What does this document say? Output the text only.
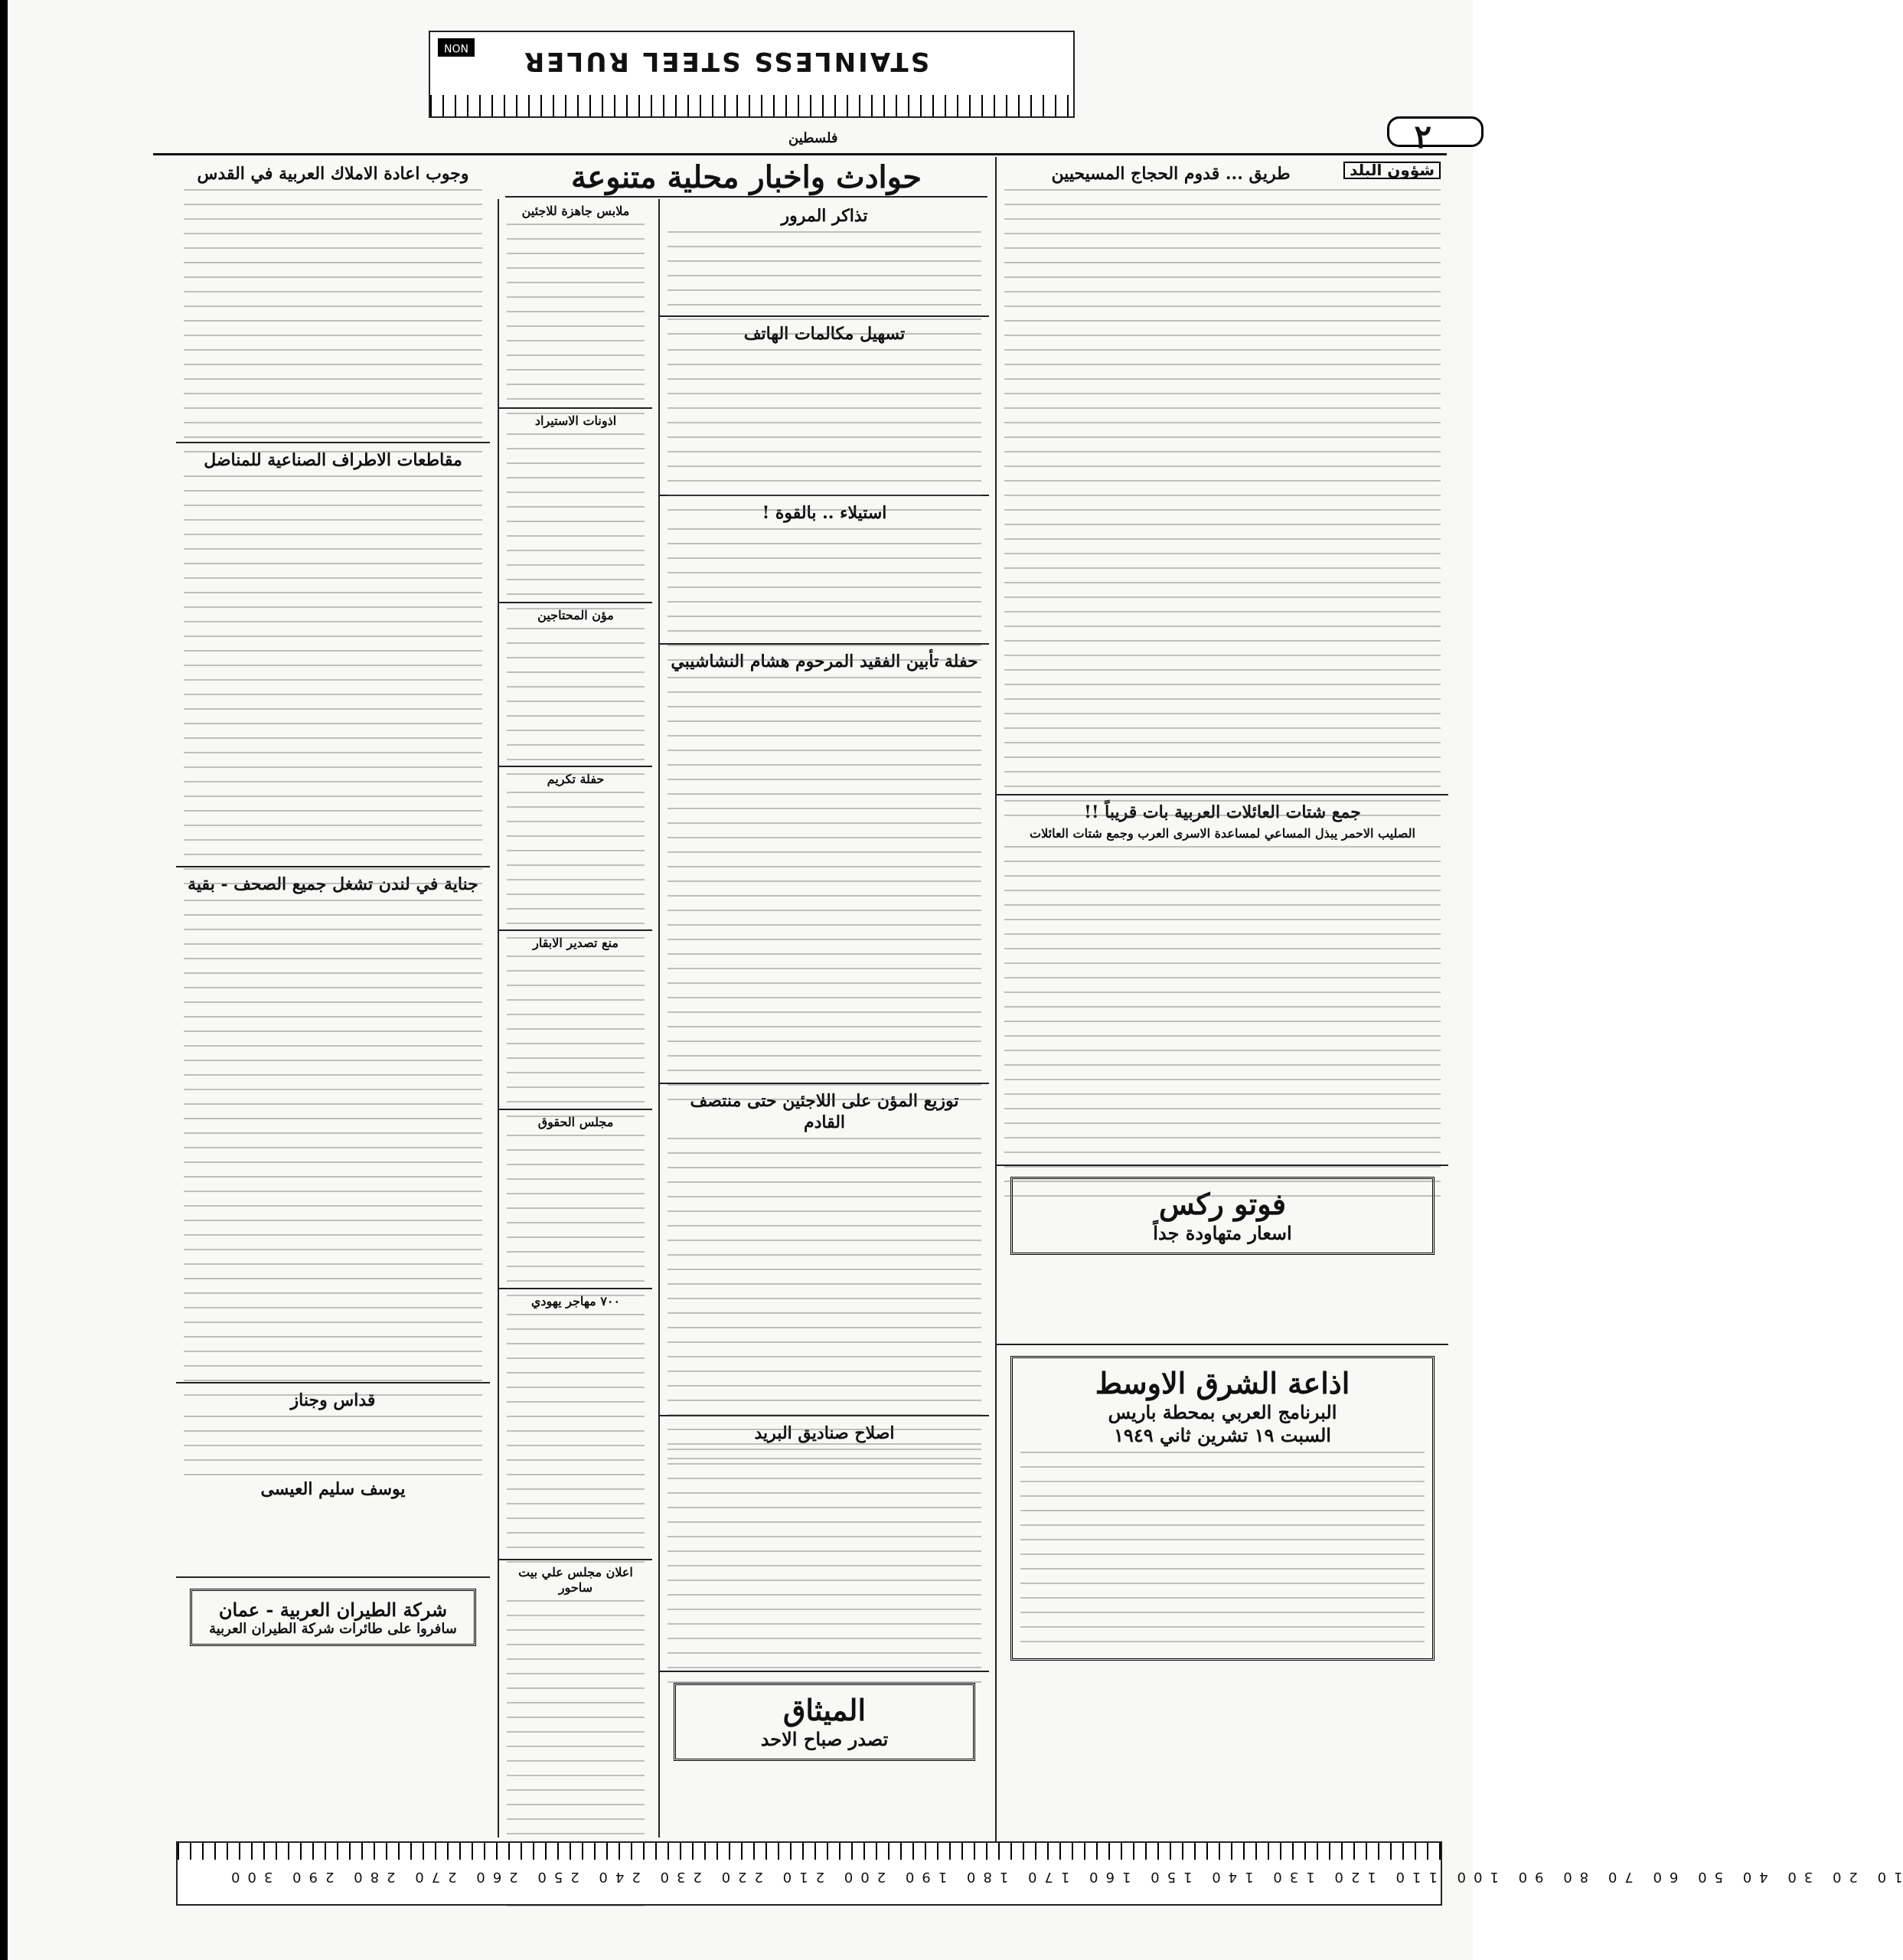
NON STAINLESS STEEL RULER
٢
فلسطين
حوادث واخبار محلية متنوعة	شؤون البلد
طريق ... قدوم الحجاج المسيحيين
جمع شتات العائلات العربية بات قريباً !!
الصليب الاحمر يبذل المساعي لمساعدة الاسرى العرب وجمع شتات العائلات
فوتو ركس
اسعار متهاودة جداً
اذاعة الشرق الاوسط
البرنامج العربي بمحطة باريس
السبت ١٩ تشرين ثاني ١٩٤٩
تذاكر المرور
تسهيل مكالمات الهاتف
استيلاء .. بالقوة !
حفلة تأبين الفقيد المرحوم هشام النشاشيبي
توزيع المؤن على اللاجئين حتى منتصف القادم
اصلاح صناديق البريد
الميثاق
تصدر صباح الاحد
ملابس جاهزة للاجئين
اذونات الاستيراد
مؤن المحتاجين
حفلة تكريم
منع تصدير الابقار
مجلس الحقوق
٧٠٠ مهاجر يهودي
اعلان مجلس علي بيت ساحور
وجوب اعادة الاملاك العربية في القدس
مقاطعات الاطراف الصناعية للمناضل
جناية في لندن تشغل جميع الصحف - بقية
قداس وجناز
يوسف سليم العيسى
شركة الطيران العربية - عمان
سافروا على طائرات شركة الطيران العربية
10 20 30 40 50 60 70 80 90 100 110 120 130 140 150 160 170 180 190 200 210 220 230 240 250 260 270 280 290 300
